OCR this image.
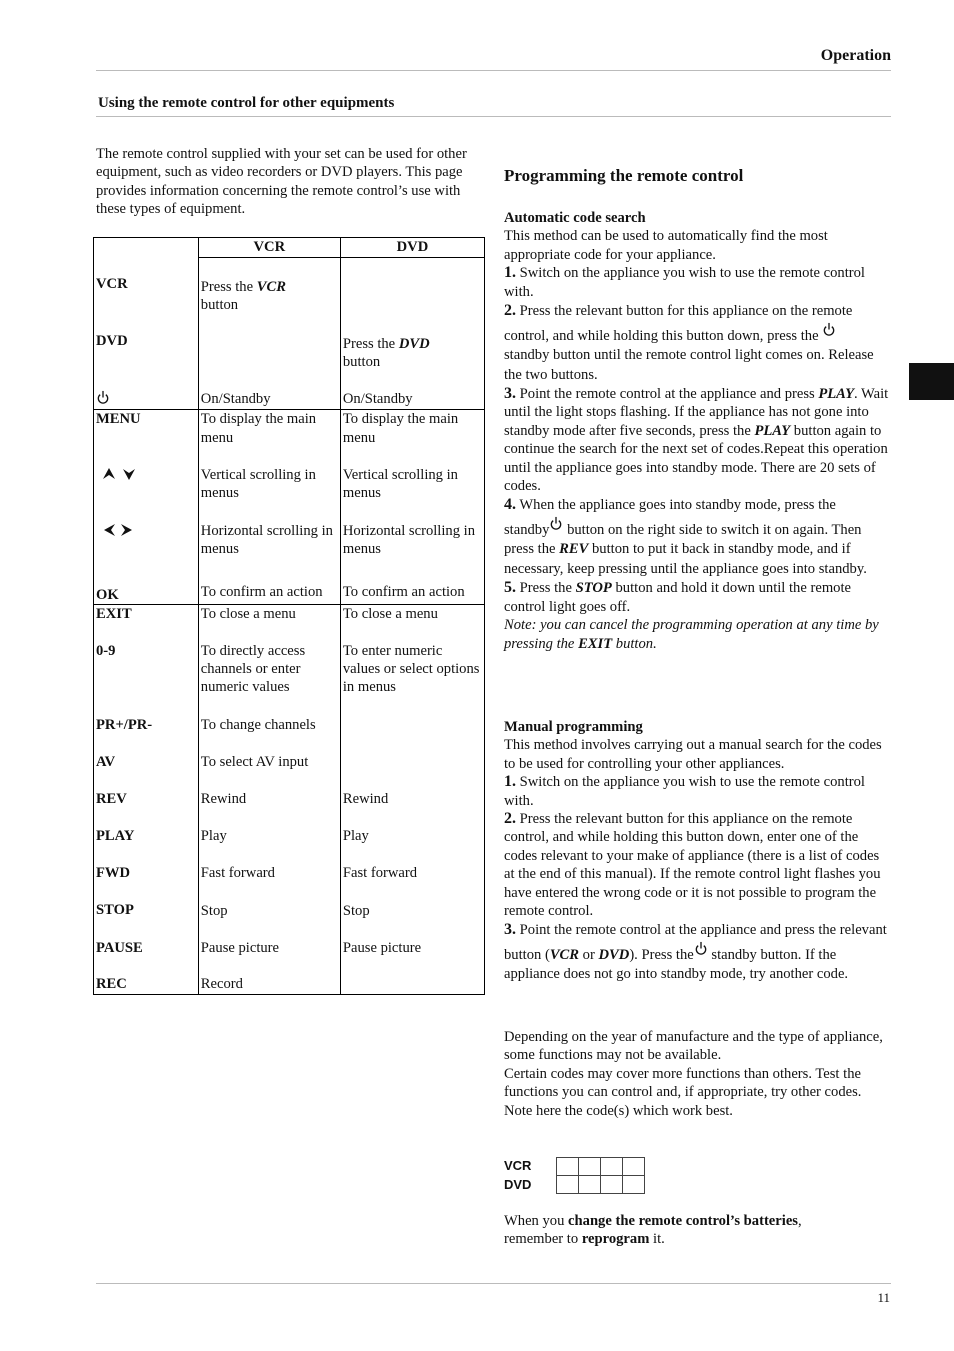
Operation
Using the remote control for other equipments
The remote control supplied with your set can be used for other equipment, such as video recorders or DVD players. This page provides information concerning the remote control’s use with these types of equipment.
	VCR	DVD
VCR	Press the VCR
button	
DVD		Press the DVD
button
	On/Standby	On/Standby
MENU	To display the main menu	To display the main menu
	Vertical scrolling in menus	Vertical scrolling in menus
	Horizontal scrolling in menus	Horizontal scrolling in menus
OK	To confirm an action	To confirm an action
EXIT	To close a menu	To close a menu
0-9	To directly access channels or enter numeric values	To enter numeric values or select options in menus
PR+/PR-	To change channels	
AV	To select AV input	
REV	Rewind	Rewind
PLAY	Play	Play
FWD	Fast forward	Fast forward
STOP	Stop	Stop
PAUSE	Pause picture	Pause picture
REC	Record	
Programming the remote control

Automatic code search

This method can be used to automatically find the most appropriate code for your appliance.

1. Switch on the appliance you wish to use the remote control with.

2. Press the relevant button for this appliance on the remote control, and while holding this button down, press the
standby button until the remote control light comes on. Release the two buttons.

3. Point the remote control at the appliance and press PLAY. Wait until the light stops flashing. If the appliance has not gone into standby mode after five seconds, press the PLAY button again to continue the search for the next set of codes.Repeat this operation until the appliance goes into standby mode. There are 20 sets of codes.

4. When the appliance goes into standby mode, press the
standby button on the right side to switch it on again. Then press the REV button to put it back in standby mode, and if necessary, keep pressing until the appliance goes into standby.

5. Press the STOP button and hold it down until the remote control light goes off.

Note: you can cancel the programming operation at any time by pressing the EXIT button.

Manual programming

This method involves carrying out a manual search for the codes to be used for controlling your other appliances.

1. Switch on the appliance you wish to use the remote control with.

2. Press the relevant button for this appliance on the remote control, and while holding this button down, enter one of the codes relevant to your make of appliance (there is a list of codes at the end of this manual). If the remote control light flashes you have entered the wrong code or it is not possible to program the remote control.

3. Point the remote control at the appliance and press the relevant button (VCR or DVD). Press the standby button. If the appliance does not go into standby mode, try another code.

Depending on the year of manufacture and the type of appliance, some functions may not be available.

Certain codes may cover more functions than others. Test the functions you can control and, if appropriate, try other codes.

Note here the code(s) which work best.

VCR
DVD

When you change the remote control’s batteries,
remember to reprogram it.
11
